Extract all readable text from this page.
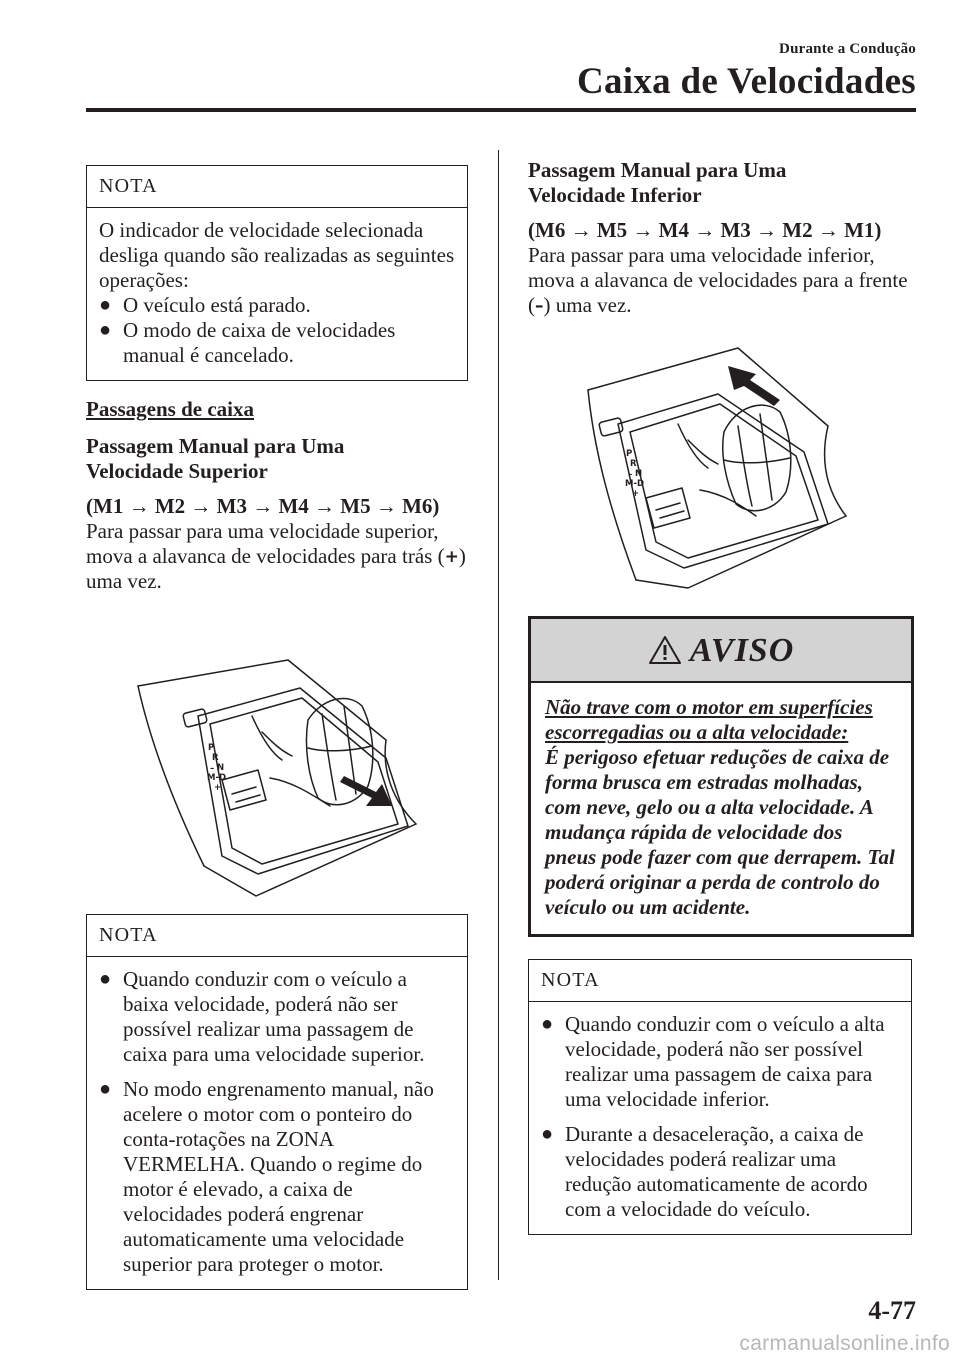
Durante a Condução
Caixa de Velocidades
NOTA

O indicador de velocidade selecionada desliga quando são realizadas as seguintes operações:

● O veículo está parado.
● O modo de caixa de velocidades manual é cancelado.

Passagens de caixa

Passagem Manual para Uma

Velocidade Superior

(M1 → M2 → M3 → M4 → M5 → M6)

Para passar para uma velocidade superior, mova a alavanca de velocidades para trás (+) uma vez.

P
R
N
M-D
–
+
NOTA
● Quando conduzir com o veículo a baixa velocidade, poderá não ser possível realizar uma passagem de caixa para uma velocidade superior.
● No modo engrenamento manual, não acelere o motor com o ponteiro do conta-rotações na ZONA VERMELHA. Quando o regime do motor é elevado, a caixa de velocidades poderá engrenar automaticamente uma velocidade superior para proteger o motor.

Passagem Manual para Uma

Velocidade Inferior

(M6 → M5 → M4 → M3 → M2 → M1)

Para passar para uma velocidade inferior, mova a alavanca de velocidades para a frente (–) uma vez.

P
R
N
M-D
–
+
AVISO

Não trave com o motor em superfícies escorregadias ou a alta velocidade:

É perigoso efetuar reduções de caixa de forma brusca em estradas molhadas, com neve, gelo ou a alta velocidade. A mudança rápida de velocidade dos pneus pode fazer com que derrapem. Tal poderá originar a perda de controlo do veículo ou um acidente.

NOTA
● Quando conduzir com o veículo a alta velocidade, poderá não ser possível realizar uma passagem de caixa para uma velocidade inferior.
● Durante a desaceleração, a caixa de velocidades poderá realizar uma redução automaticamente de acordo com a velocidade do veículo.
4-77
carmanualsonline.info
